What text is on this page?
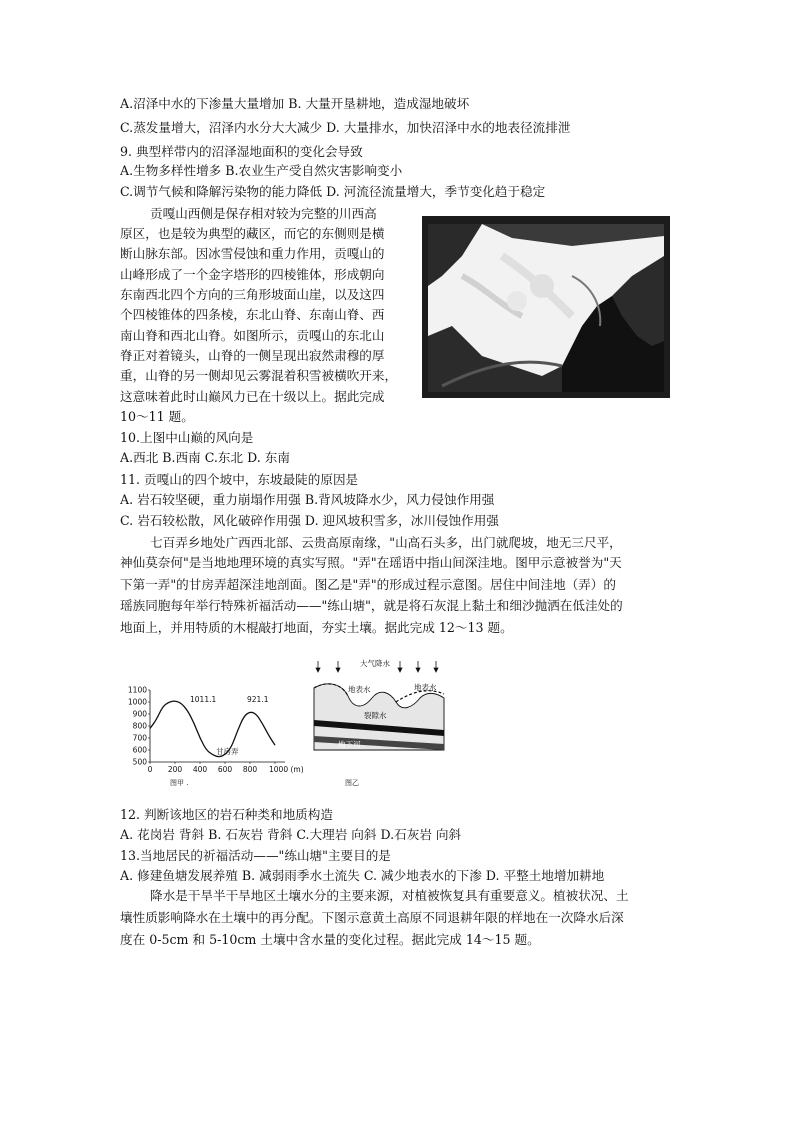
A.沼泽中水的下渗量大量增加 B. 大量开垦耕地，造成湿地破坏
C.蒸发量增大，沼泽内水分大大减少 D. 大量排水，加快沼泽中水的地表径流排泄
9. 典型样带内的沼泽湿地面积的变化会导致
A.生物多样性增多 B.农业生产受自然灾害影响变小
C.调节气候和降解污染物的能力降低 D. 河流径流量增大，季节变化趋于稳定
贡嘎山西侧是保存相对较为完整的川西高
原区，也是较为典型的藏区，而它的东侧则是横
断山脉东部。因冰雪侵蚀和重力作用，贡嘎山的
山峰形成了一个金字塔形的四棱锥体，形成朝向
东南西北四个方向的三角形坡面山崖，以及这四
个四棱锥体的四条棱，东北山脊、东南山脊、西
南山脊和西北山脊。如图所示，贡嘎山的东北山
脊正对着镜头，山脊的一侧呈现出寂然肃穆的厚
重，山脊的另一侧却见云雾混着积雪被横吹开来，
这意味着此时山巅风力已在十级以上。据此完成
10～11 题。
10.上图中山巅的风向是
A.西北 B.西南 C.东北 D. 东南
11. 贡嘎山的四个坡中，东坡最陡的原因是
A. 岩石较坚硬，重力崩塌作用强 B.背风坡降水少，风力侵蚀作用强
C. 岩石较松散，风化破碎作用强 D. 迎风坡积雪多，冰川侵蚀作用强
七百弄乡地处广西西北部、云贵高原南缘，"山高石头多，出门就爬坡，地无三尺平，
神仙莫奈何"是当地地理环境的真实写照。"弄"在瑶语中指山间深洼地。图甲示意被誉为"天
下第一弄"的甘房弄超深洼地剖面。图乙是"弄"的形成过程示意图。居住中间洼地（弄）的
瑶族同胞每年举行特殊祈福活动——"练山塘"，就是将石灰混上黏土和细沙抛洒在低洼处的
地面上，并用特质的木棍敲打地面，夯实土壤。据此完成 12～13 题。
1100
1000
900
800
700
600
500
0 200 400 600 800 1000 (m)
1011.1	921.1
甘房弄
图甲 .
大气降水
地表水	地表水
裂隙水
地下河
图乙
12. 判断该地区的岩石种类和地质构造
A. 花岗岩 背斜 B. 石灰岩 背斜 C.大理岩 向斜 D.石灰岩 向斜
13.当地居民的祈福活动——"练山塘"主要目的是
A. 修建鱼塘发展养殖 B. 减弱雨季水土流失 C. 减少地表水的下渗 D. 平整土地增加耕地
降水是干旱半干旱地区土壤水分的主要来源，对植被恢复具有重要意义。植被状况、土
壤性质影响降水在土壤中的再分配。下图示意黄土高原不同退耕年限的样地在一次降水后深
度在 0-5cm 和 5-10cm 土壤中含水量的变化过程。据此完成 14～15 题。
